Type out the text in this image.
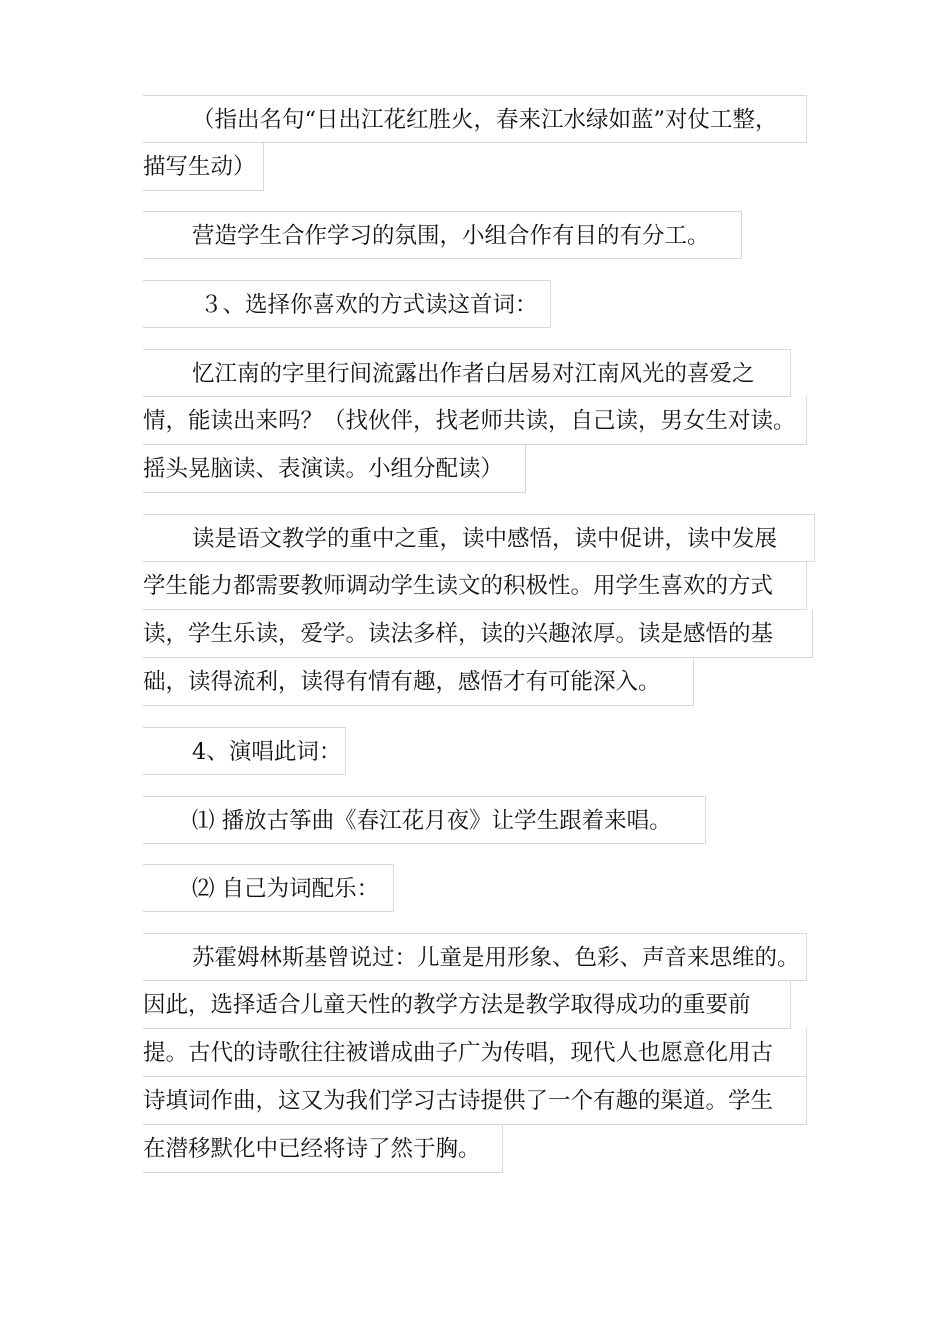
（指出名句“日出江花红胜火，春来江水绿如蓝”对仗工整，
描写生动）
营造学生合作学习的氛围，小组合作有目的有分工。
３、选择你喜欢的方式读这首词：
忆江南的字里行间流露出作者白居易对江南风光的喜爱之
情，能读出来吗？（找伙伴，找老师共读，自己读，男女生对读。
摇头晃脑读、表演读。小组分配读）
读是语文教学的重中之重，读中感悟，读中促讲，读中发展
学生能力都需要教师调动学生读文的积极性。用学生喜欢的方式
读，学生乐读，爱学。读法多样，读的兴趣浓厚。读是感悟的基
础，读得流利，读得有情有趣，感悟才有可能深入。
4、演唱此词：
⑴ 播放古筝曲《春江花月夜》让学生跟着来唱。
⑵ 自己为词配乐：
苏霍姆林斯基曾说过：儿童是用形象、色彩、声音来思维的。
因此，选择适合儿童天性的教学方法是教学取得成功的重要前
提。古代的诗歌往往被谱成曲子广为传唱，现代人也愿意化用古
诗填词作曲，这又为我们学习古诗提供了一个有趣的渠道。学生
在潜移默化中已经将诗了然于胸。
